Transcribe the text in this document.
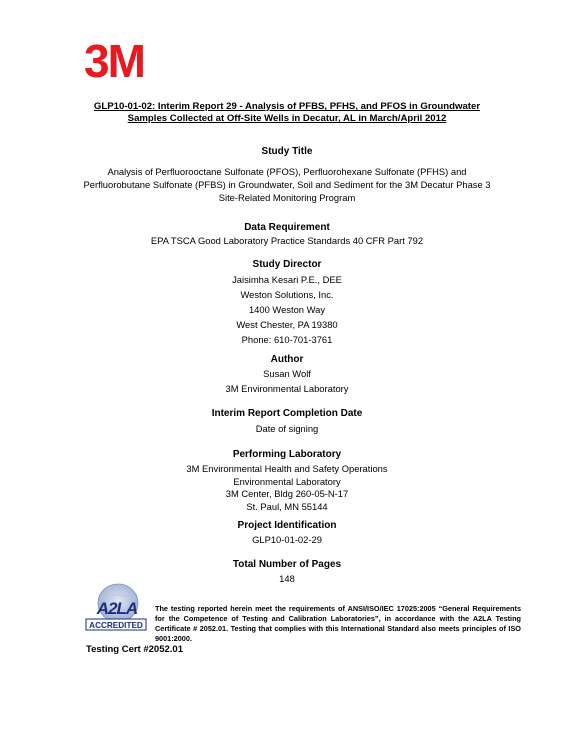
3M
GLP10-01-02: Interim Report 29 - Analysis of PFBS, PFHS, and PFOS in Groundwater
Samples Collected at Off-Site Wells in Decatur, AL in March/April 2012
Study Title
Analysis of Perfluorooctane Sulfonate (PFOS), Perfluorohexane Sulfonate (PFHS) and
Perfluorobutane Sulfonate (PFBS) in Groundwater, Soil and Sediment for the 3M Decatur Phase 3
Site-Related Monitoring Program
Data Requirement
EPA TSCA Good Laboratory Practice Standards 40 CFR Part 792
Study Director
Jaisimha Kesari P.E., DEE
Weston Solutions, Inc.
1400 Weston Way
West Chester, PA 19380
Phone: 610-701-3761
Author
Susan Wolf
3M Environmental Laboratory
Interim Report Completion Date
Date of signing
Performing Laboratory
3M Environmental Health and Safety Operations
Environmental Laboratory
3M Center, Bldg 260-05-N-17
St. Paul, MN 55144
Project Identification
GLP10-01-02-29
Total Number of Pages
148
A2LA
ACCREDITED
The testing reported herein meet the requirements of ANSI/ISO/IEC 17025:2005 “General Requirements for the Competence of Testing and Calibration Laboratories”, in accordance with the A2LA Testing Certificate # 2052.01. Testing that complies with this International Standard also meets principles of ISO 9001:2000.
Testing Cert #2052.01
